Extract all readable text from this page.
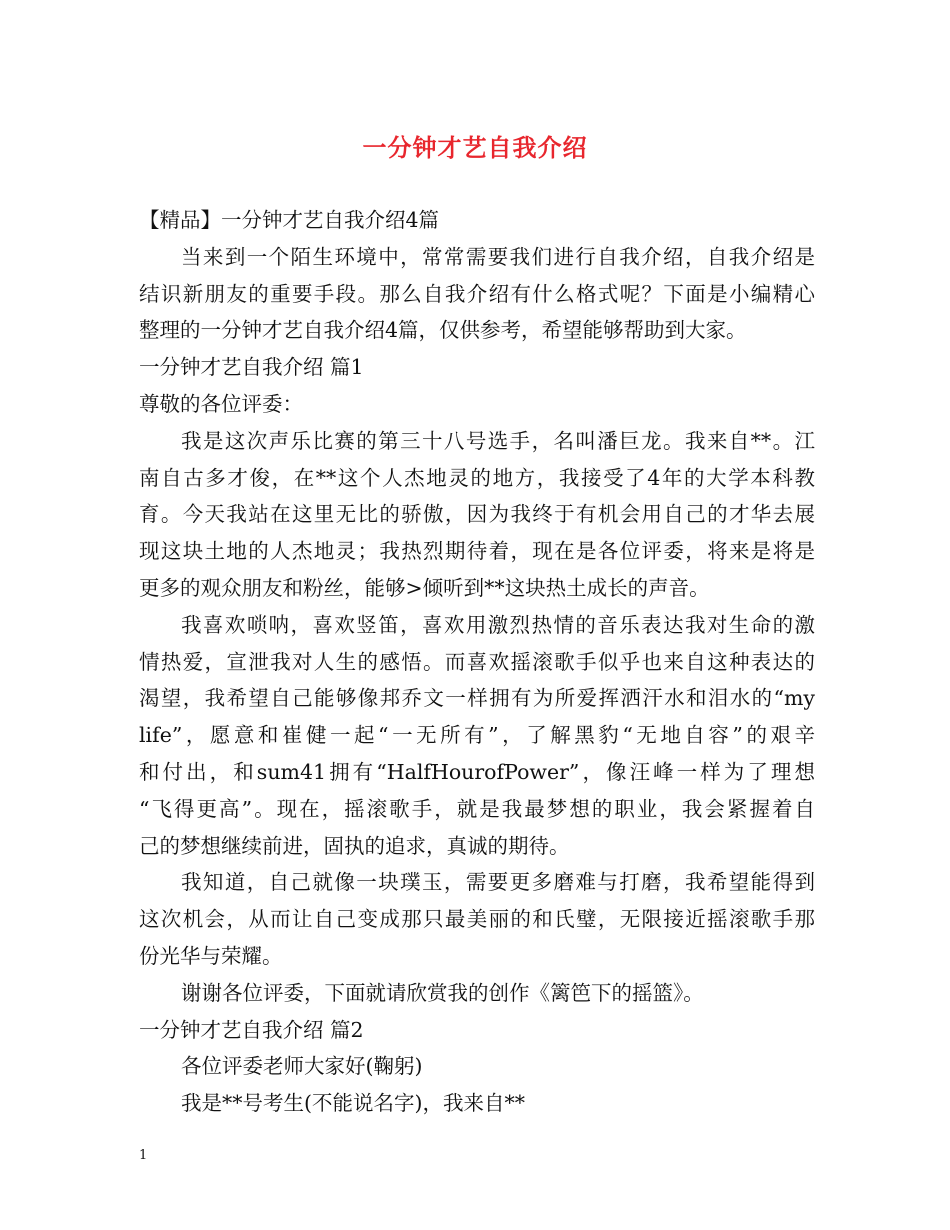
一分钟才艺自我介绍
【精品】一分钟才艺自我介绍4篇
当来到一个陌生环境中，常常需要我们进行自我介绍，自我介绍是
结识新朋友的重要手段。那么自我介绍有什么格式呢？下面是小编精心
整理的一分钟才艺自我介绍4篇，仅供参考，希望能够帮助到大家。
一分钟才艺自我介绍 篇1
尊敬的各位评委：
我是这次声乐比赛的第三十八号选手，名叫潘巨龙。我来自**。江
南自古多才俊，在**这个人杰地灵的地方，我接受了4年的大学本科教
育。今天我站在这里无比的骄傲，因为我终于有机会用自己的才华去展
现这块土地的人杰地灵；我热烈期待着，现在是各位评委，将来是将是
更多的观众朋友和粉丝，能够>倾听到**这块热土成长的声音。
我喜欢唢呐，喜欢竖笛，喜欢用激烈热情的音乐表达我对生命的激
情热爱，宣泄我对人生的感悟。而喜欢摇滚歌手似乎也来自这种表达的
渴望，我希望自己能够像邦乔文一样拥有为所爱挥洒汗水和泪水的“my
life”，愿意和崔健一起“一无所有”，了解黑豹“无地自容”的艰辛
和付出，和sum41拥有“HalfHourofPower”，像汪峰一样为了理想
“飞得更高”。现在，摇滚歌手，就是我最梦想的职业，我会紧握着自
己的梦想继续前进，固执的追求，真诚的期待。
我知道，自己就像一块璞玉，需要更多磨难与打磨，我希望能得到
这次机会，从而让自己变成那只最美丽的和氏璧，无限接近摇滚歌手那
份光华与荣耀。
谢谢各位评委，下面就请欣赏我的创作《篱笆下的摇篮》。
一分钟才艺自我介绍 篇2
各位评委老师大家好(鞠躬)
我是**号考生(不能说名字)，我来自**
1
